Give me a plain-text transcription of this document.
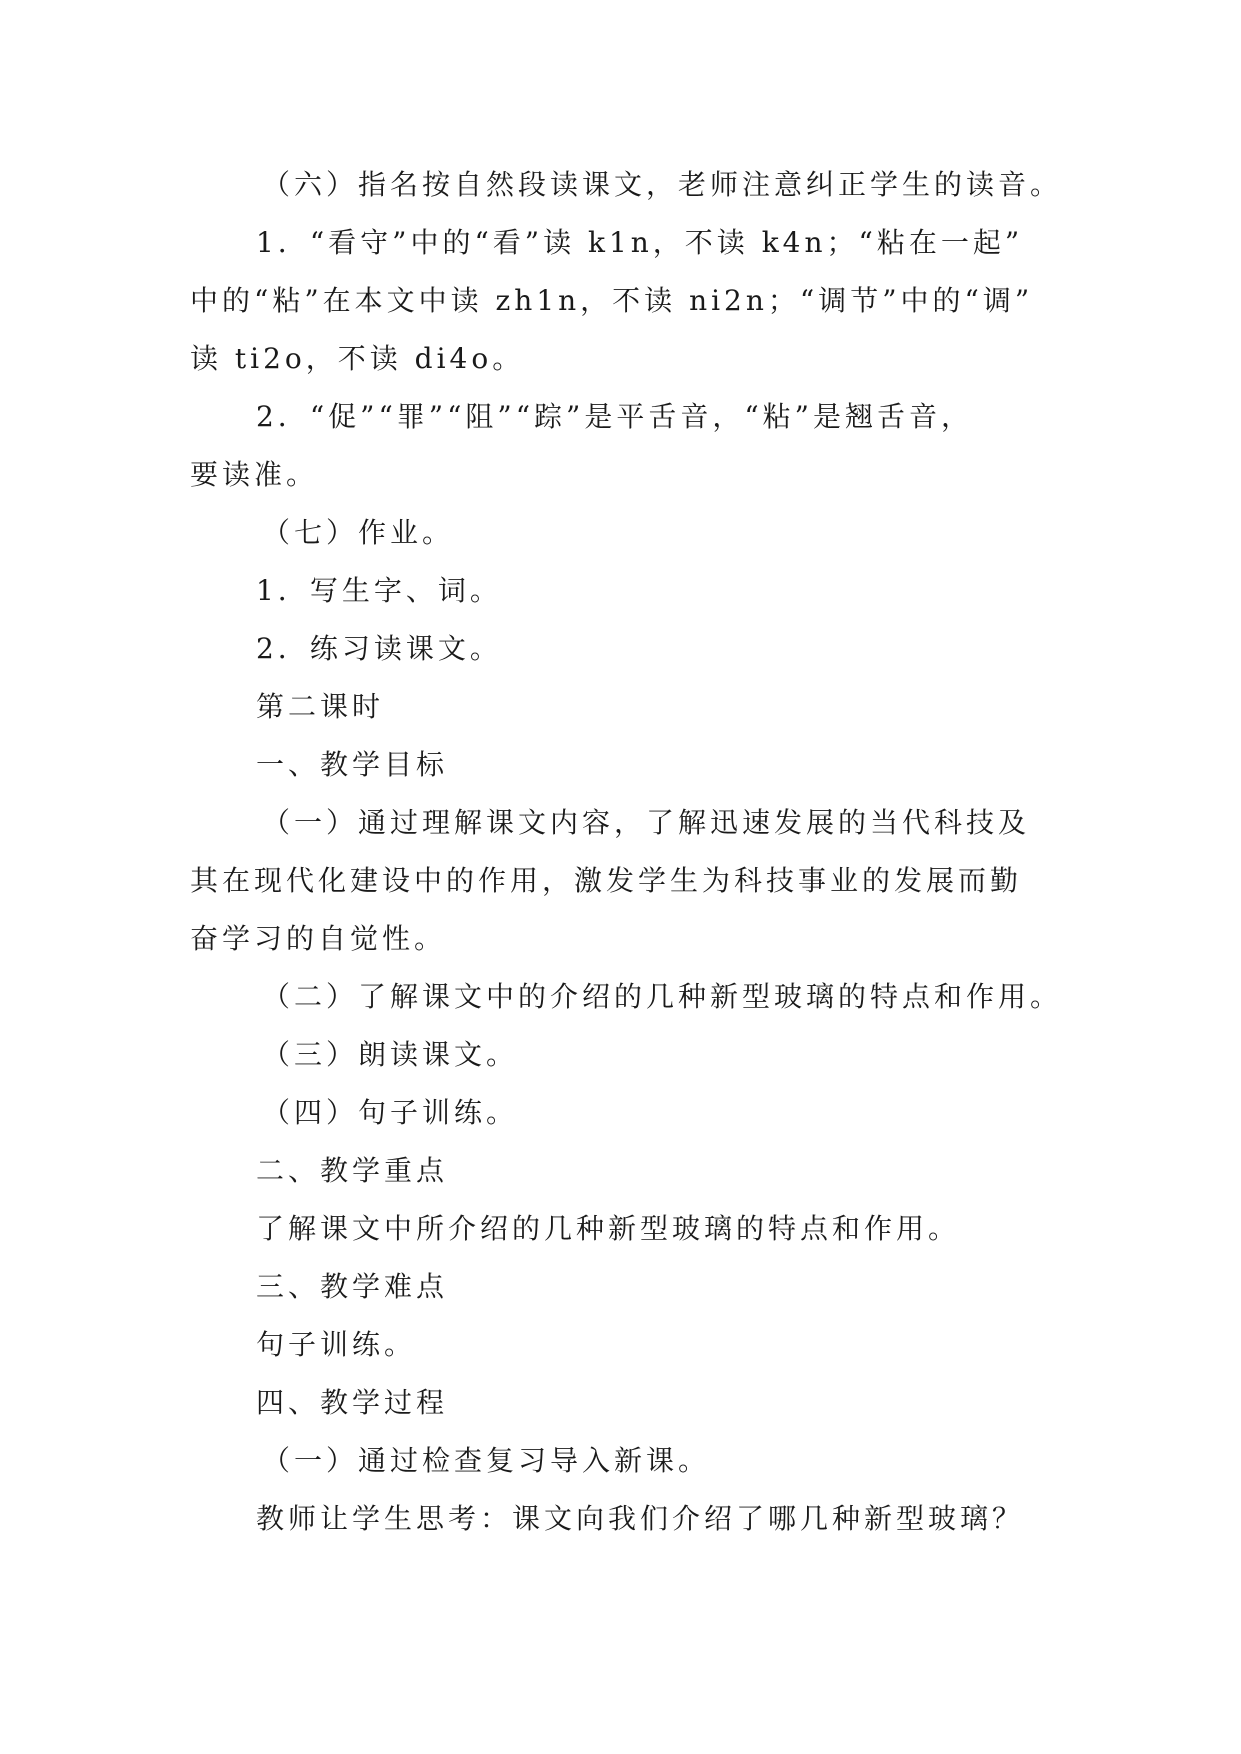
（六）指名按自然段读课文，老师注意纠正学生的读音。
1．“看守”中的“看”读 k1n，不读 k4n；“粘在一起”
中的“粘”在本文中读 zh1n，不读 ni2n；“调节”中的“调”
读 ti2o，不读 di4o。
2．“促”“罪”“阻”“踪”是平舌音，“粘”是翘舌音，
要读准。
（七）作业。
1．写生字、词。
2．练习读课文。
第二课时
一、教学目标
（一）通过理解课文内容，了解迅速发展的当代科技及
其在现代化建设中的作用，激发学生为科技事业的发展而勤
奋学习的自觉性。
（二）了解课文中的介绍的几种新型玻璃的特点和作用。
（三）朗读课文。
（四）句子训练。
二、教学重点
了解课文中所介绍的几种新型玻璃的特点和作用。
三、教学难点
句子训练。
四、教学过程
（一）通过检查复习导入新课。
教师让学生思考：课文向我们介绍了哪几种新型玻璃？
